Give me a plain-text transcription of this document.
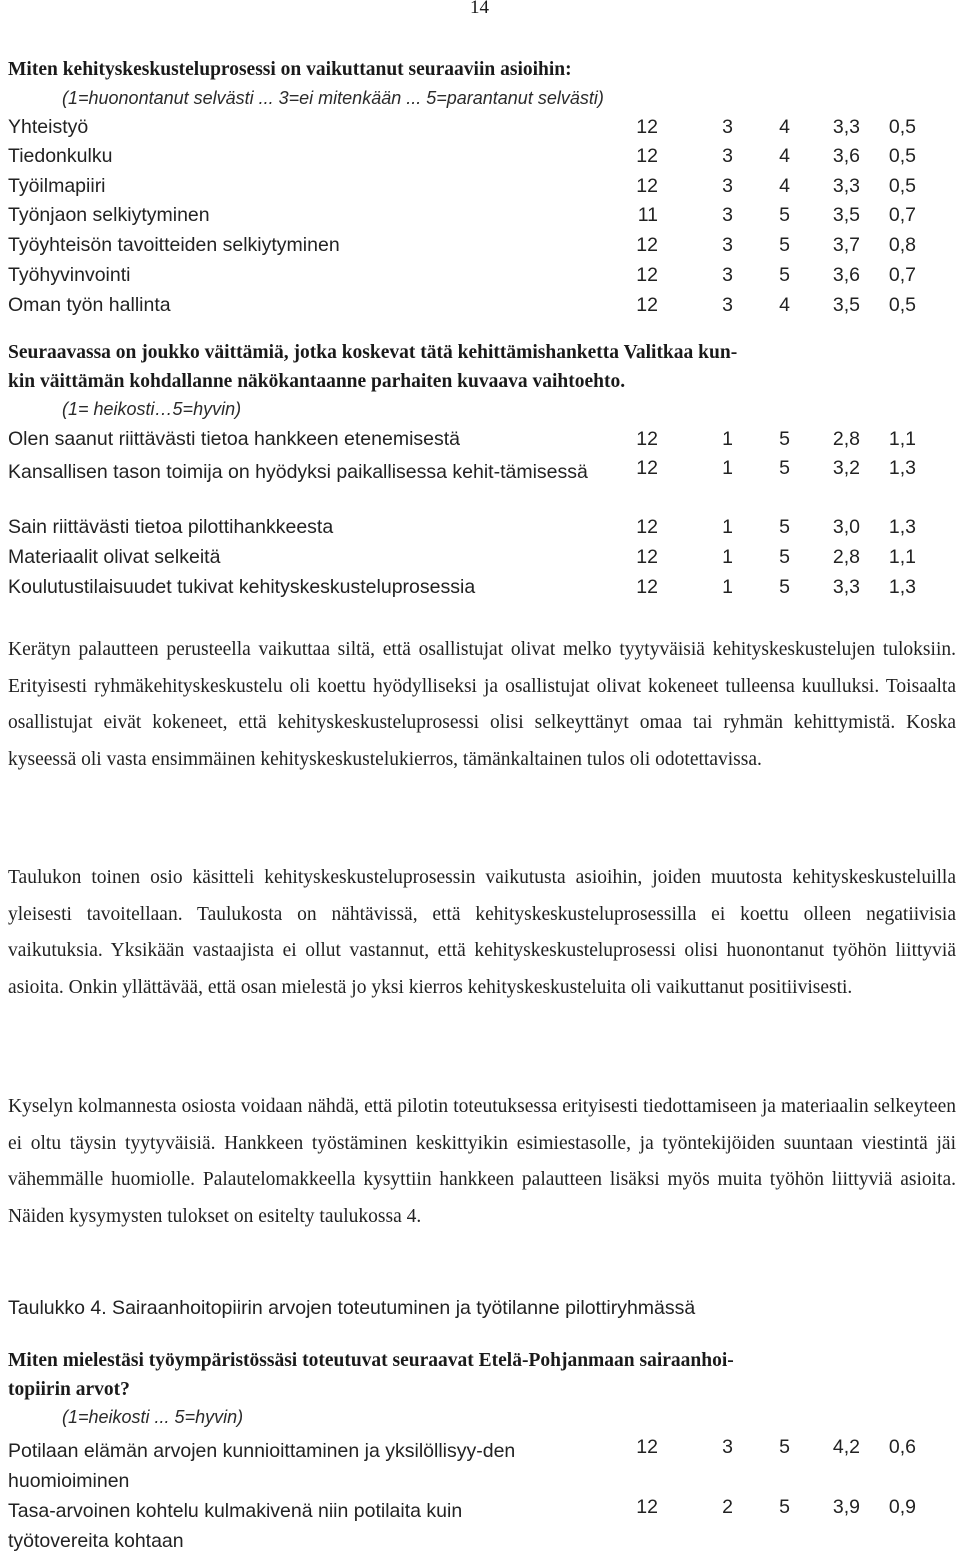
14
Miten kehityskeskusteluprosessi on vaikuttanut seuraaviin asioihin:
(1=huonontanut selvästi ... 3=ei mitenkään ... 5=parantanut selvästi)
Yhteistyö	12	3	4	3,3	0,5
Tiedonkulku	12	3	4	3,6	0,5
Työilmapiiri	12	3	4	3,3	0,5
Työnjaon selkiytyminen	11	3	5	3,5	0,7
Työyhteisön tavoitteiden selkiytyminen	12	3	5	3,7	0,8
Työhyvinvointi	12	3	5	3,6	0,7
Oman työn hallinta	12	3	4	3,5	0,5
Seuraavassa on joukko väittämiä, jotka koskevat tätä kehittämishanketta Valitkaa kun-
kin väittämän kohdallanne näkökantaanne parhaiten kuvaava vaihtoehto.
(1= heikosti…5=hyvin)
Olen saanut riittävästi tietoa hankkeen etenemisestä	12	1	5	2,8	1,1
Kansallisen tason toimija on hyödyksi paikallisessa kehit-tämisessä	12	1	5	3,2	1,3
Sain riittävästi tietoa pilottihankkeesta	12	1	5	3,0	1,3
Materiaalit olivat selkeitä	12	1	5	2,8	1,1
Koulutustilaisuudet tukivat kehityskeskusteluprosessia	12	1	5	3,3	1,3
Kerätyn palautteen perusteella vaikuttaa siltä, että osallistujat olivat melko tyytyväisiä kehityskeskustelujen tuloksiin. Erityisesti ryhmäkehityskeskustelu oli koettu hyödylliseksi ja osallistujat olivat kokeneet tulleensa kuulluksi. Toisaalta osallistujat eivät kokeneet, että kehityskeskusteluprosessi olisi selkeyttänyt omaa tai ryhmän kehittymistä. Koska kyseessä oli vasta ensimmäinen kehityskeskustelukierros, tämänkaltainen tulos oli odotettavissa.
Taulukon toinen osio käsitteli kehityskeskusteluprosessin vaikutusta asioihin, joiden muutosta kehityskeskusteluilla yleisesti tavoitellaan. Taulukosta on nähtävissä, että kehityskeskusteluprosessilla ei koettu olleen negatiivisia vaikutuksia. Yksikään vastaajista ei ollut vastannut, että kehityskeskusteluprosessi olisi huonontanut työhön liittyviä asioita. Onkin yllättävää, että osan mielestä jo yksi kierros kehityskeskusteluita oli vaikuttanut positiivisesti.
Kyselyn kolmannesta osiosta voidaan nähdä, että pilotin toteutuksessa erityisesti tiedottamiseen ja materiaalin selkeyteen ei oltu täysin tyytyväisiä. Hankkeen työstäminen keskittyikin esimiestasolle, ja työntekijöiden suuntaan viestintä jäi vähemmälle huomiolle. Palautelomakkeella kysyttiin hankkeen palautteen lisäksi myös muita työhön liittyviä asioita. Näiden kysymysten tulokset on esitelty taulukossa 4.
Taulukko 4. Sairaanhoitopiirin arvojen toteutuminen ja työtilanne pilottiryhmässä
Miten mielestäsi työympäristössäsi toteutuvat seuraavat Etelä-Pohjanmaan sairaanhoi-
topiirin arvot?
(1=heikosti ... 5=hyvin)
Potilaan elämän arvojen kunnioittaminen ja yksilöllisyy-den huomioiminen
12	3	5	4,2	0,6
Tasa-arvoinen kohtelu kulmakivenä niin potilaita kuin työtovereita kohtaan
12	2	5	3,9	0,9
